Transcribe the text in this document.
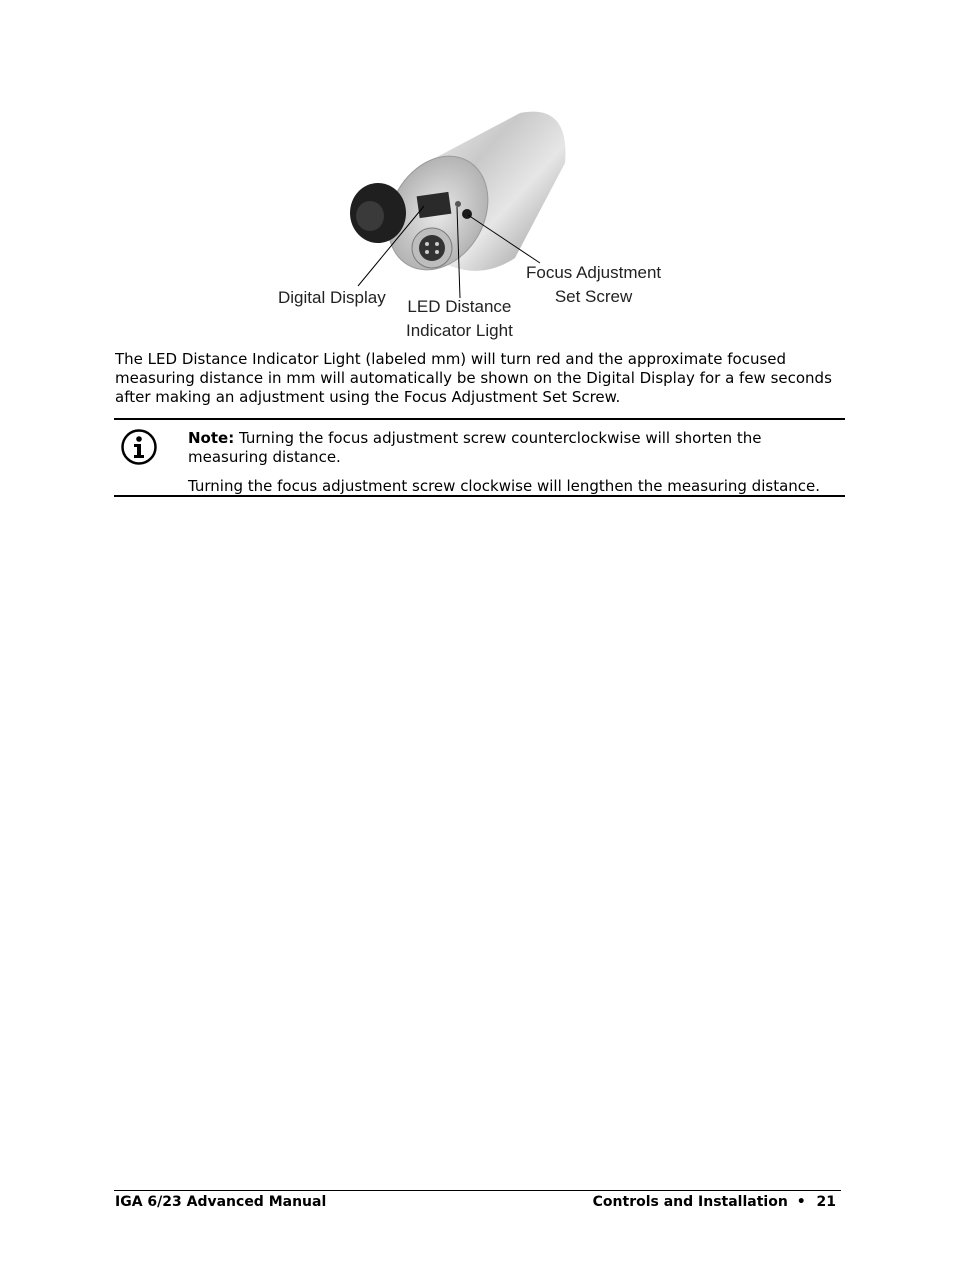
Digital Display LED Distance
Indicator Light
Focus Adjustment
Set Screw
The LED Distance Indicator Light (labeled mm) will turn red and the approximate focused measuring distance in mm will automatically be shown on the Digital Display for a few seconds after making an adjustment using the Focus Adjustment Set Screw.

Note: Turning the focus adjustment screw counterclockwise will shorten the measuring distance.

Turning the focus adjustment screw clockwise will lengthen the measuring distance.

IGA 6/23 Advanced Manual	Controls and Installation • 21
